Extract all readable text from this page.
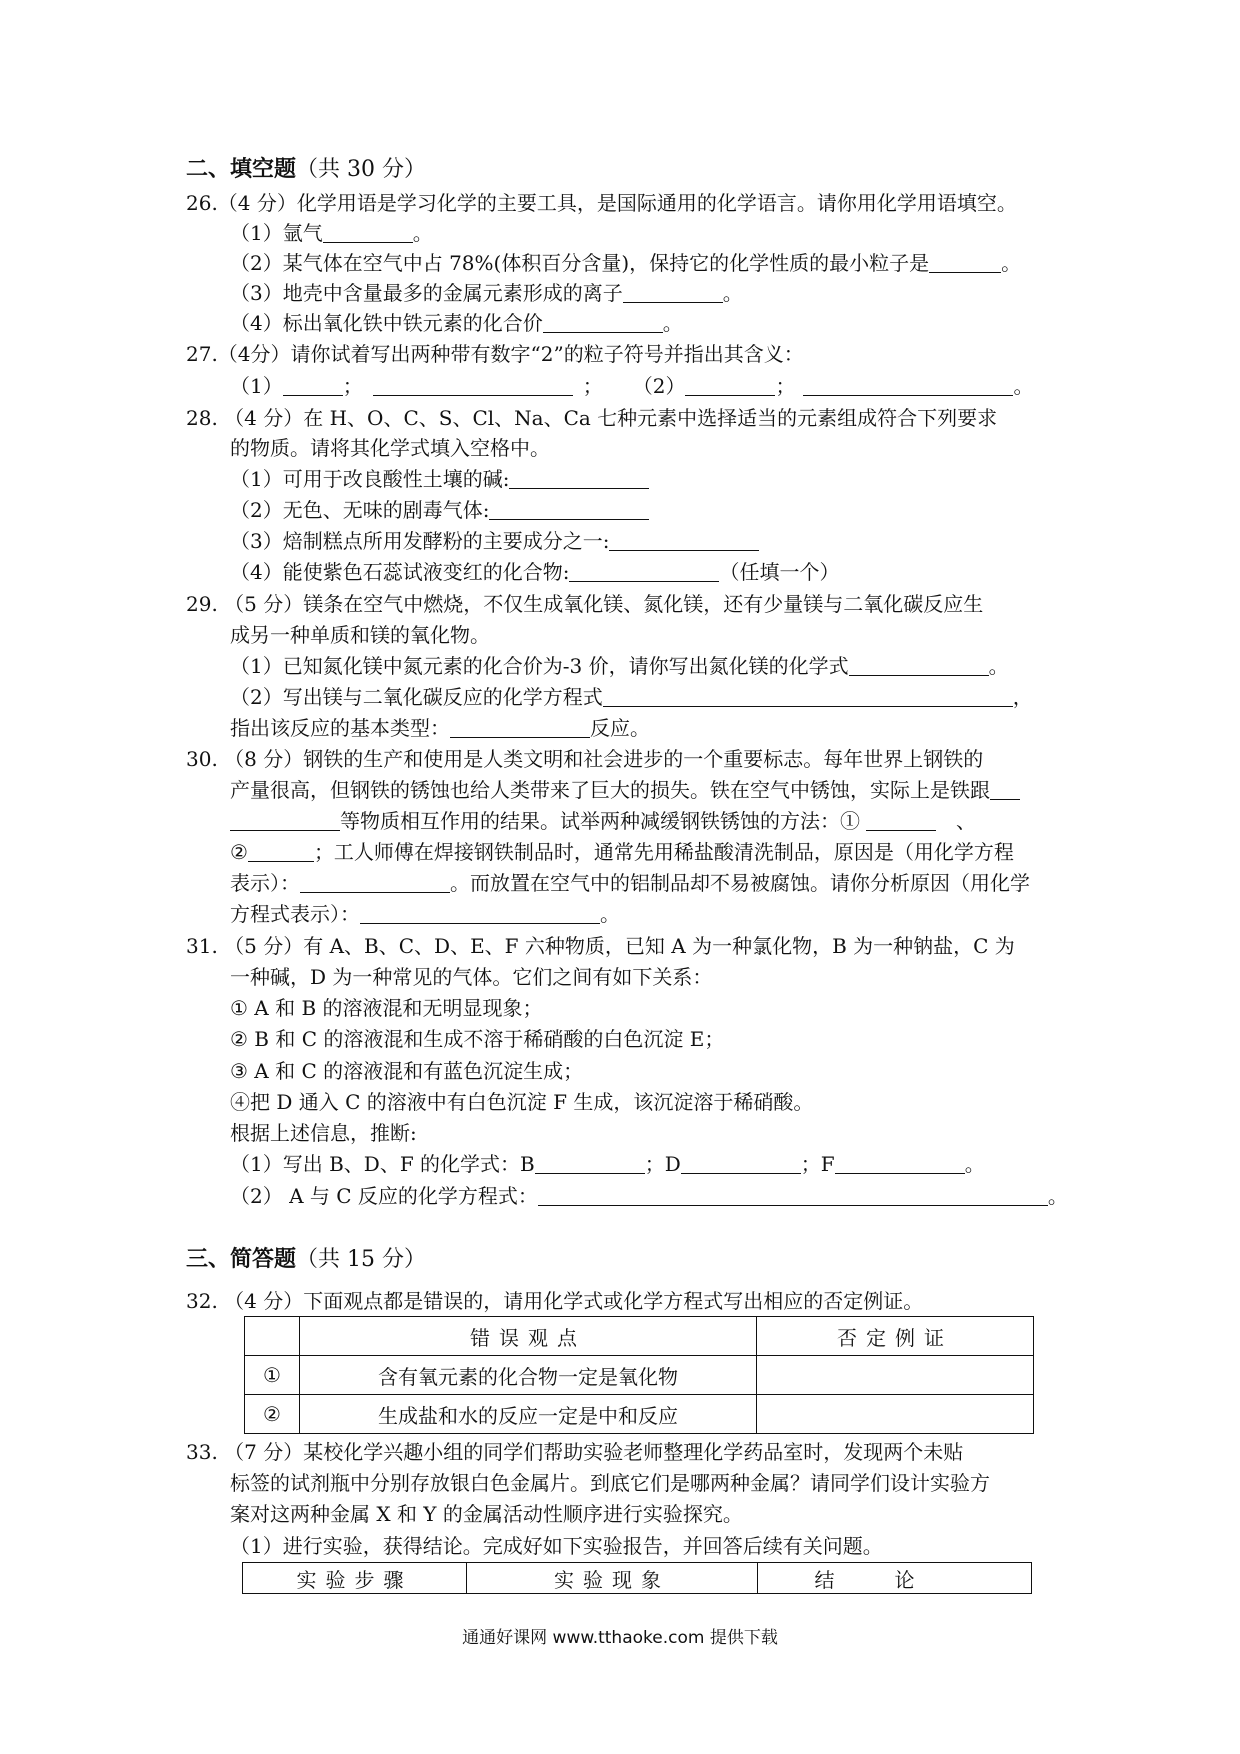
二、填空题（共 30 分）
26.（4 分）化学用语是学习化学的主要工具，是国际通用的化学语言。请你用化学用语填空。
（1）氩气	。
（2）某气体在空气中占 78%(体积百分含量)，保持它的化学性质的最小粒子是	。
（3）地壳中含量最多的金属元素形成的离子	。
（4）标出氧化铁中铁元素的化合价	。
27.（4分）请你试着写出两种带有数字“2”的粒子符号并指出其含义：
（1）	；	； （2）	；	。
28. （4 分）在 H、O、C、S、Cl、Na、Ca 七种元素中选择适当的元素组成符合下列要求
的物质。请将其化学式填入空格中。
（1）可用于改良酸性土壤的碱:
（2）无色、无味的剧毒气体:
（3）焙制糕点所用发酵粉的主要成分之一:
（4）能使紫色石蕊试液变红的化合物:	（任填一个）
29. （5 分）镁条在空气中燃烧，不仅生成氧化镁、氮化镁，还有少量镁与二氧化碳反应生
成另一种单质和镁的氧化物。
（1）已知氮化镁中氮元素的化合价为-3 价，请你写出氮化镁的化学式	。
（2）写出镁与二氧化碳反应的化学方程式	，
指出该反应的基本类型：	反应。
30. （8 分）钢铁的生产和使用是人类文明和社会进步的一个重要标志。每年世界上钢铁的
产量很高，但钢铁的锈蚀也给人类带来了巨大的损失。铁在空气中锈蚀，实际上是铁跟
等物质相互作用的结果。试举两种减缓钢铁锈蚀的方法：①	、
②	；工人师傅在焊接钢铁制品时，通常先用稀盐酸清洗制品，原因是（用化学方程
表示）：	。而放置在空气中的铝制品却不易被腐蚀。请你分析原因（用化学
方程式表示）：	。
31. （5 分）有 A、B、C、D、E、F 六种物质，已知 A 为一种氯化物，B 为一种钠盐，C 为
一种碱，D 为一种常见的气体。它们之间有如下关系：
① A 和 B 的溶液混和无明显现象；
② B 和 C 的溶液混和生成不溶于稀硝酸的白色沉淀 E；
③ A 和 C 的溶液混和有蓝色沉淀生成；
④把 D 通入 C 的溶液中有白色沉淀 F 生成，该沉淀溶于稀硝酸。
根据上述信息，推断:
（1）写出 B、D、F 的化学式：B	；D	；F	。
（2） A 与 C 反应的化学方程式：	。
三、简答题（共 15 分）
32. （4 分）下面观点都是错误的，请用化学式或化学方程式写出相应的否定例证。
	错误观点	否定例证
①	含有氧元素的化合物一定是氧化物	
②	生成盐和水的反应一定是中和反应	
33. （7 分）某校化学兴趣小组的同学们帮助实验老师整理化学药品室时，发现两个未贴
标签的试剂瓶中分别存放银白色金属片。到底它们是哪两种金属？请同学们设计实验方
案对这两种金属 X 和 Y 的金属活动性顺序进行实验探究。
（1）进行实验，获得结论。完成好如下实验报告，并回答后续有关问题。
实验步骤	实验现象	结论
通通好课网 www.tthaoke.com 提供下载
